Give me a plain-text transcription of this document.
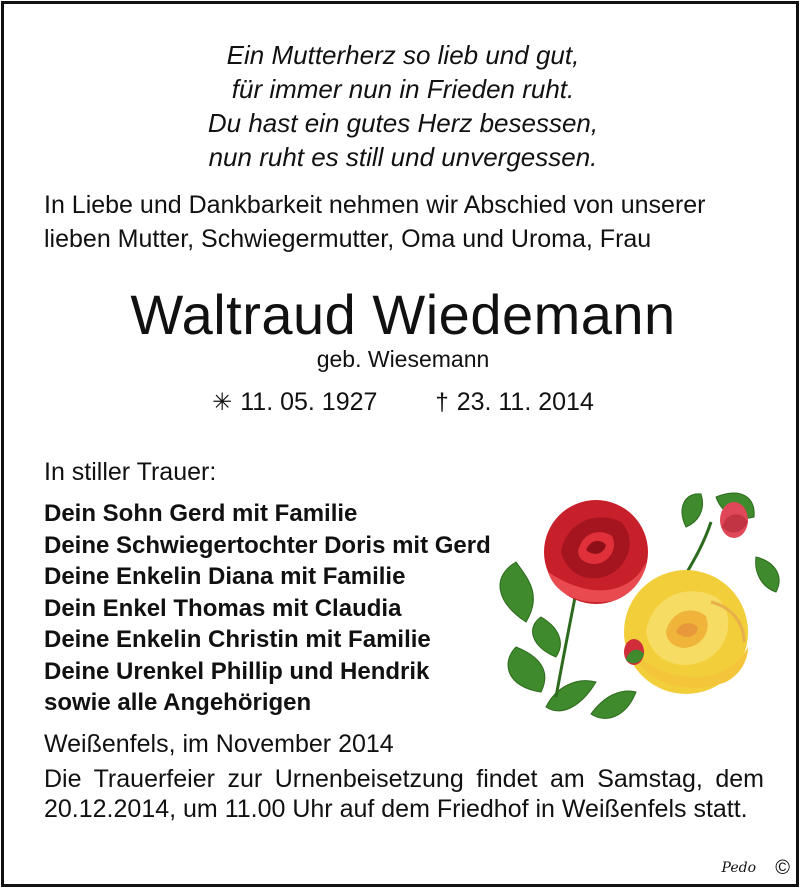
Ein Mutterherz so lieb und gut,
für immer nun in Frieden ruht.
Du hast ein gutes Herz besessen,
nun ruht es still und unvergessen.
In Liebe und Dankbarkeit nehmen wir Abschied von unserer
lieben Mutter, Schwiegermutter, Oma und Uroma, Frau
Waltraud Wiedemann
geb. Wiesemann
✳ 11. 05. 1927 † 23. 11. 2014
In stiller Trauer:
Dein Sohn Gerd mit Familie
Deine Schwiegertochter Doris mit Gerd
Deine Enkelin Diana mit Familie
Dein Enkel Thomas mit Claudia
Deine Enkelin Christin mit Familie
Deine Urenkel Phillip und Hendrik
sowie alle Angehörigen
Weißenfels, im November 2014
Die Trauerfeier zur Urnenbeisetzung findet am Samstag, dem 20.12.2014, um 11.00 Uhr auf dem Friedhof in Weißenfels statt.
Pedo ©
